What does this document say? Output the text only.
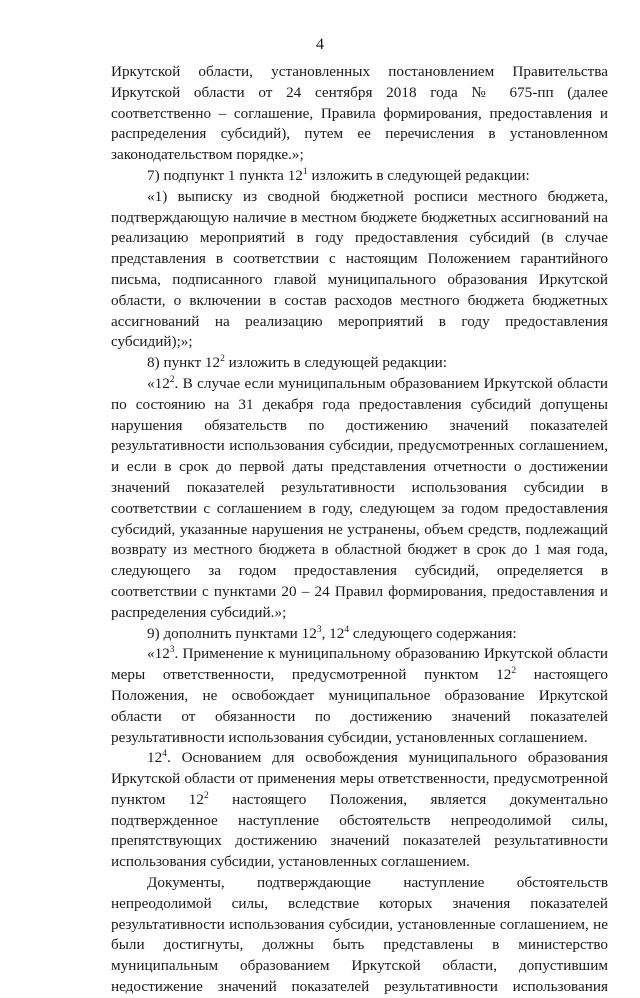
4

Иркутской области, установленных постановлением Правительства Иркутской области от 24 сентября 2018 года № 675-пп (далее соответственно – соглашение, Правила формирования, предоставления и распределения субсидий), путем ее перечисления в установленном законодательством порядке.»;

7) подпункт 1 пункта $12^1$ изложить в следующей редакции:

«1) выписку из сводной бюджетной росписи местного бюджета, подтверждающую наличие в местном бюджете бюджетных ассигнований на реализацию мероприятий в году предоставления субсидий (в случае представления в соответствии с настоящим Положением гарантийного письма, подписанного главой муниципального образования Иркутской области, о включении в состав расходов местного бюджета бюджетных ассигнований на реализацию мероприятий в году предоставления субсидий);»;

8) пункт $12^2$ изложить в следующей редакции:

«$12^2$. В случае если муниципальным образованием Иркутской области по состоянию на 31 декабря года предоставления субсидий допущены нарушения обязательств по достижению значений показателей результативности использования субсидии, предусмотренных соглашением, и если в срок до первой даты представления отчетности о достижении значений показателей результативности использования субсидии в соответствии с соглашением в году, следующем за годом предоставления субсидий, указанные нарушения не устранены, объем средств, подлежащий возврату из местного бюджета в областной бюджет в срок до 1 мая года, следующего за годом предоставления субсидий, определяется в соответствии с пунктами 20 – 24 Правил формирования, предоставления и распределения субсидий.»;

9) дополнить пунктами $12^3$, $12^4$ следующего содержания:

«$12^3$. Применение к муниципальному образованию Иркутской области меры ответственности, предусмотренной пунктом $12^2$ настоящего Положения, не освобождает муниципальное образование Иркутской области от обязанности по достижению значений показателей результативности использования субсидии, установленных соглашением.

$12^4$. Основанием для освобождения муниципального образования Иркутской области от применения меры ответственности, предусмотренной пунктом $12^2$ настоящего Положения, является документально подтвержденное наступление обстоятельств непреодолимой силы, препятствующих достижению значений показателей результативности использования субсидии, установленных соглашением.

Документы, подтверждающие наступление обстоятельств непреодолимой силы, вследствие которых значения показателей результативности использования субсидии, установленные соглашением, не были достигнуты, должны быть представлены в министерство муниципальным образованием Иркутской области, допустившим недостижение значений показателей результативности использования
